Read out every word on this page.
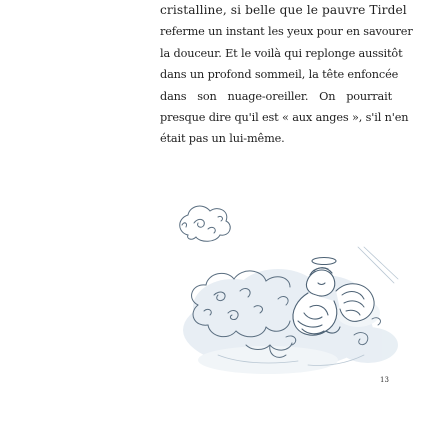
cristalline, si belle que le pauvre Tirdel
referme un instant les yeux pour en savourer
la douceur. Et le voilà qui replonge aussitôt
dans un profond sommeil, la tête enfoncée
dans son nuage-oreiller. On pourrait
presque dire qu'il est « aux anges », s'il n'en
était pas un lui-même.
13
